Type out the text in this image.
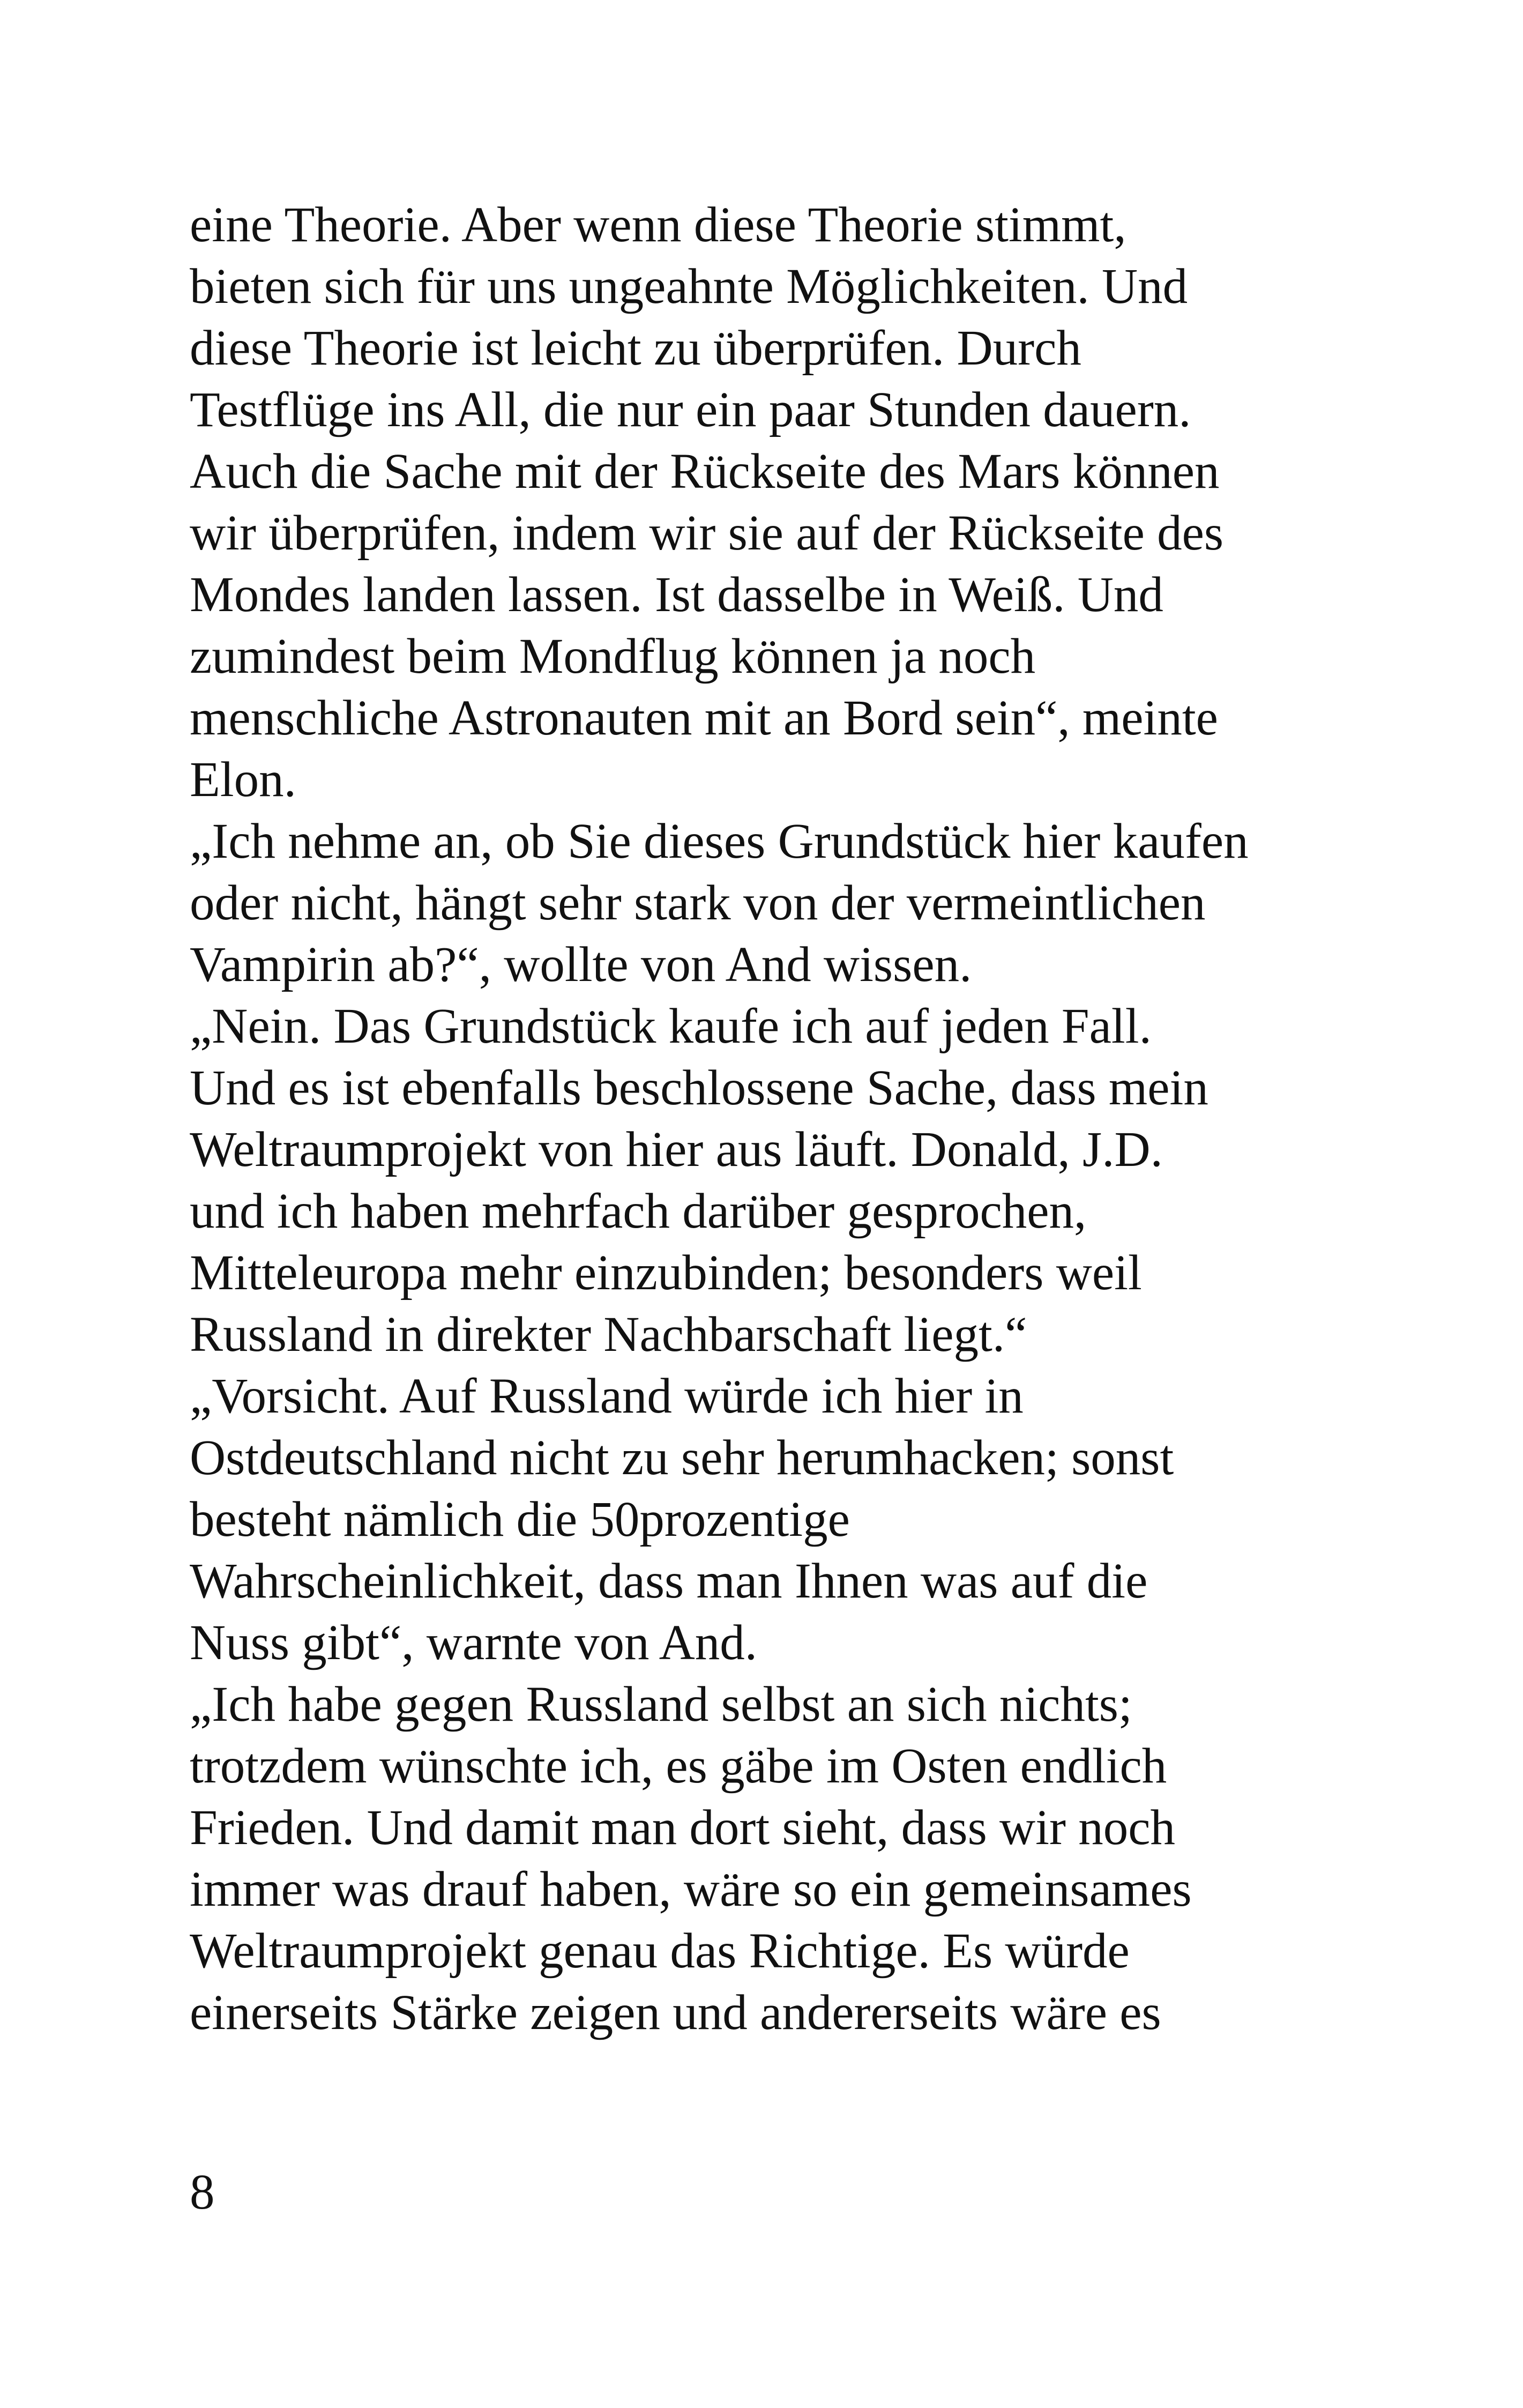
eine Theorie. Aber wenn diese Theorie stimmt,
bieten sich für uns ungeahnte Möglichkeiten. Und
diese Theorie ist leicht zu überprüfen. Durch
Testflüge ins All, die nur ein paar Stunden dauern.
Auch die Sache mit der Rückseite des Mars können
wir überprüfen, indem wir sie auf der Rückseite des
Mondes landen lassen. Ist dasselbe in Weiß. Und
zumindest beim Mondflug können ja noch
menschliche Astronauten mit an Bord sein“, meinte
Elon.
„Ich nehme an, ob Sie dieses Grundstück hier kaufen
oder nicht, hängt sehr stark von der vermeintlichen
Vampirin ab?“, wollte von And wissen.
„Nein. Das Grundstück kaufe ich auf jeden Fall.
Und es ist ebenfalls beschlossene Sache, dass mein
Weltraumprojekt von hier aus läuft. Donald, J.D.
und ich haben mehrfach darüber gesprochen,
Mitteleuropa mehr einzubinden; besonders weil
Russland in direkter Nachbarschaft liegt.“
„Vorsicht. Auf Russland würde ich hier in
Ostdeutschland nicht zu sehr herumhacken; sonst
besteht nämlich die 50prozentige
Wahrscheinlichkeit, dass man Ihnen was auf die
Nuss gibt“, warnte von And.
„Ich habe gegen Russland selbst an sich nichts;
trotzdem wünschte ich, es gäbe im Osten endlich
Frieden. Und damit man dort sieht, dass wir noch
immer was drauf haben, wäre so ein gemeinsames
Weltraumprojekt genau das Richtige. Es würde
einerseits Stärke zeigen und andererseits wäre es
8
